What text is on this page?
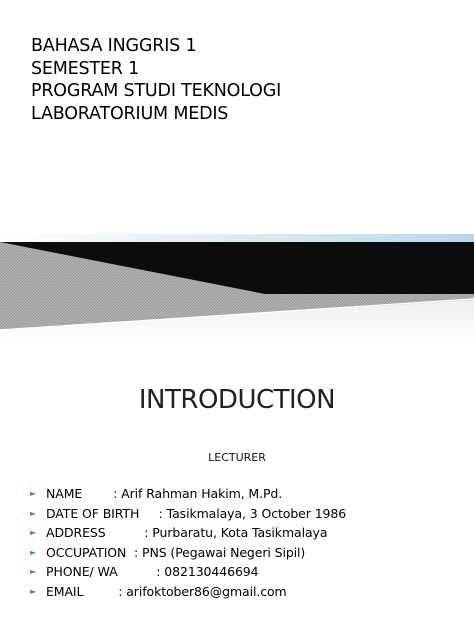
BAHASA INGGRIS 1
SEMESTER 1
PROGRAM STUDI TEKNOLOGI
LABORATORIUM MEDIS
INTRODUCTION
LECTURER
► NAME        : Arif Rahman Hakim, M.Pd.
► DATE OF BIRTH     : Tasikmalaya, 3 October 1986
► ADDRESS          : Purbaratu, Kota Tasikmalaya
► OCCUPATION  : PNS (Pegawai Negeri Sipil)
► PHONE/ WA          : 082130446694
► EMAIL         : arifoktober86@gmail.com
